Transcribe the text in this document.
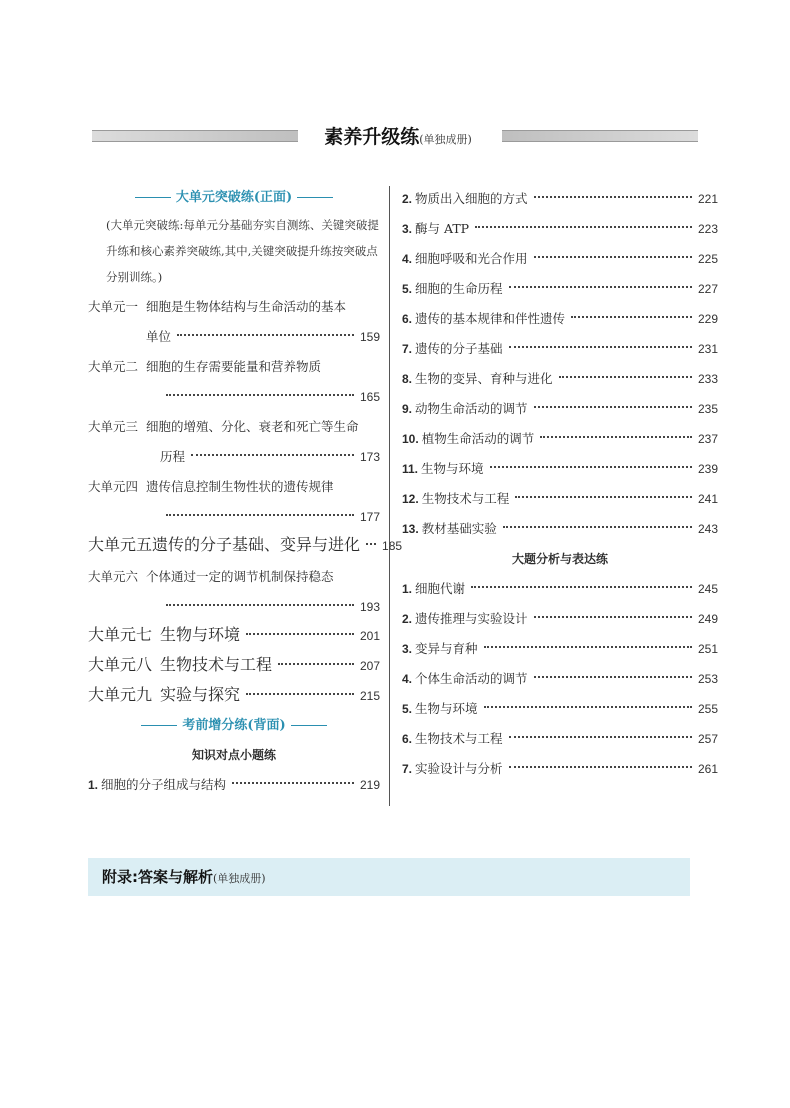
素养升级练(单独成册)
大单元突破练(正面)
(大单元突破练:每单元分基础夯实自测练、关键突破提升练和核心素养突破练,其中,关键突破提升练按突破点分别训练。)
大单元一 细胞是生物体结构与生命活动的基本
单位	159
大单元二 细胞的生存需要能量和营养物质
165
大单元三 细胞的增殖、分化、衰老和死亡等生命
历程	173
大单元四 遗传信息控制生物性状的遗传规律
177
大单元五 遗传的分子基础、变异与进化 185
大单元六 个体通过一定的调节机制保持稳态
193
大单元七 生物与环境	201
大单元八 生物技术与工程	207
大单元九 实验与探究	215
考前增分练(背面)
知识对点小题练
1. 细胞的分子组成与结构	219
2. 物质出入细胞的方式	221
3. 酶与 ATP	223
4. 细胞呼吸和光合作用	225
5. 细胞的生命历程	227
6. 遗传的基本规律和伴性遗传	229
7. 遗传的分子基础	231
8. 生物的变异、育种与进化	233
9. 动物生命活动的调节	235
10. 植物生命活动的调节	237
11. 生物与环境	239
12. 生物技术与工程	241
13. 教材基础实验	243
大题分析与表达练
1. 细胞代谢	245
2. 遗传推理与实验设计	249
3. 变异与育种	251
4. 个体生命活动的调节	253
5. 生物与环境	255
6. 生物技术与工程	257
7. 实验设计与分析	261
附录:答案与解析(单独成册)
